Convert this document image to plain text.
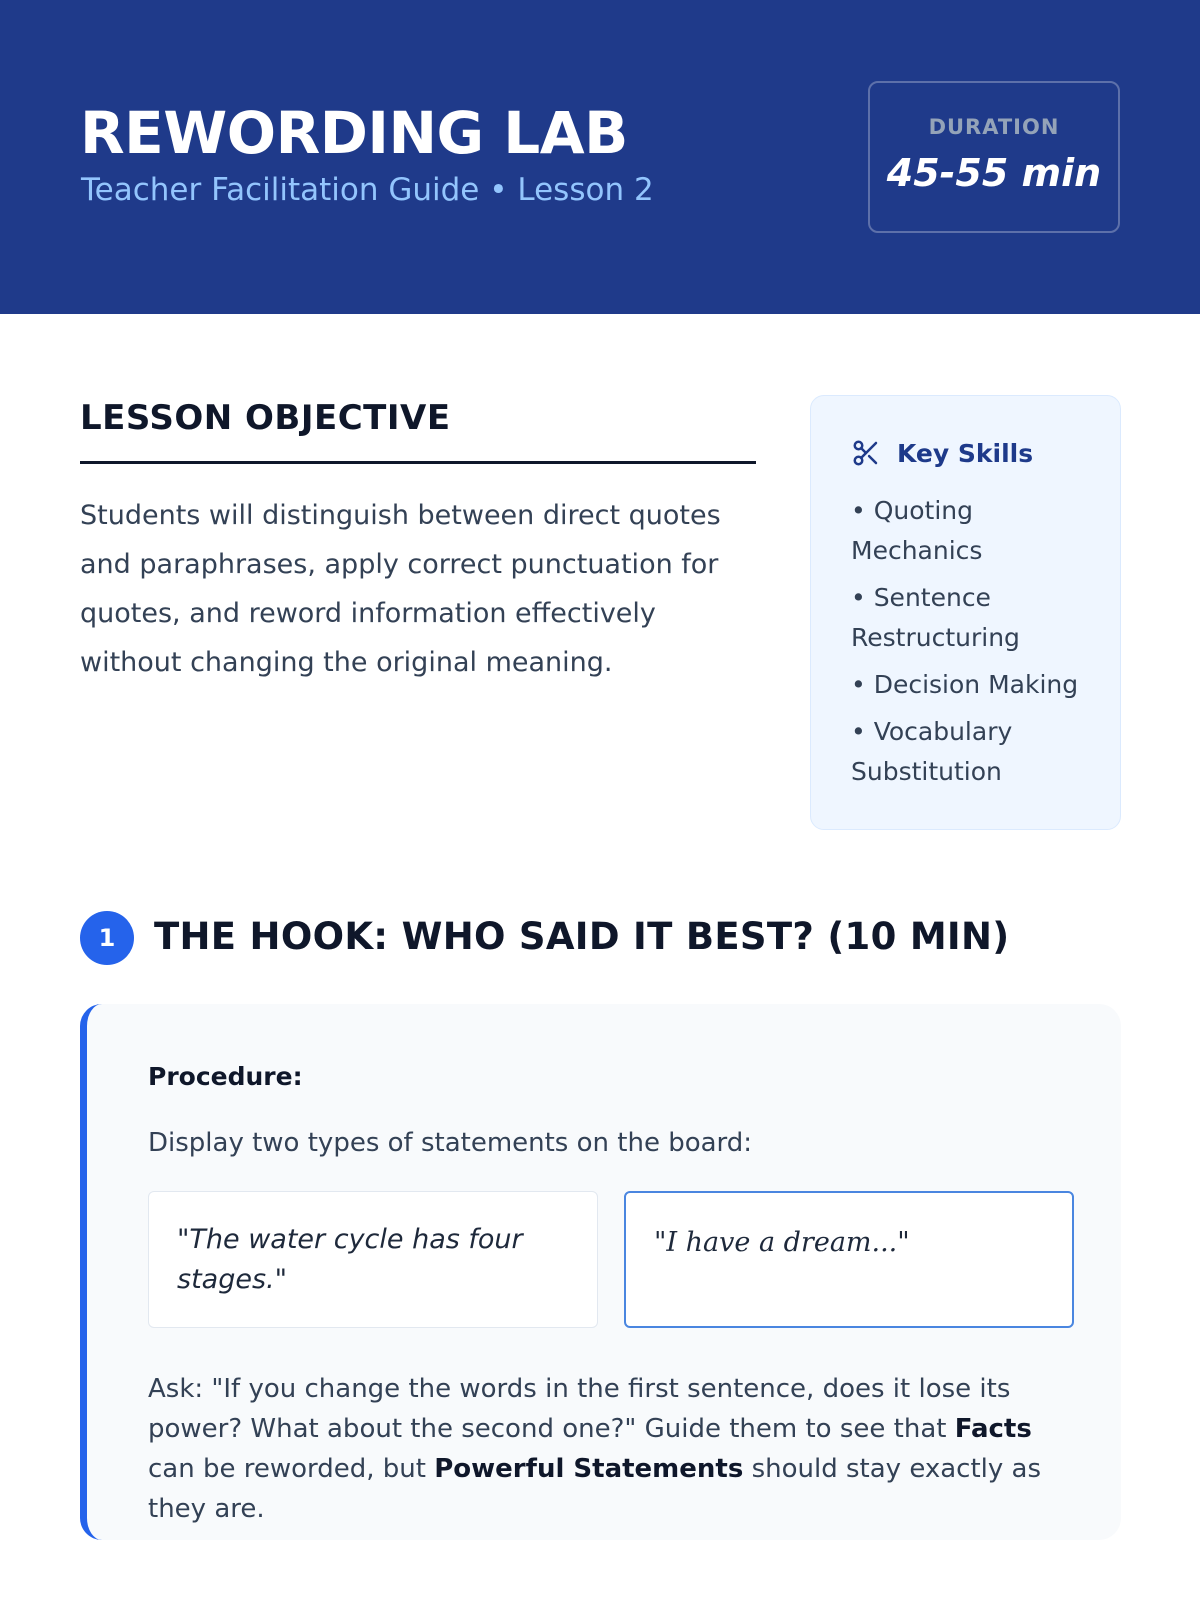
REWORDING LAB
Teacher Facilitation Guide • Lesson 2
DURATION
45-55 min
LESSON OBJECTIVE

Students will distinguish between direct quotes and paraphrases, apply correct punctuation for quotes, and reword information effectively without changing the original meaning.

Key Skills
• Quoting Mechanics
• Sentence Restructuring
• Decision Making
• Vocabulary Substitution
1	THE HOOK: WHO SAID IT BEST? (10 MIN)
Procedure:
Display two types of statements on the board:
"The water cycle has four stages."
"I have a dream..."

Ask: "If you change the words in the first sentence, does it lose its power? What about the second one?" Guide them to see that Facts can be reworded, but Powerful Statements should stay exactly as they are.
